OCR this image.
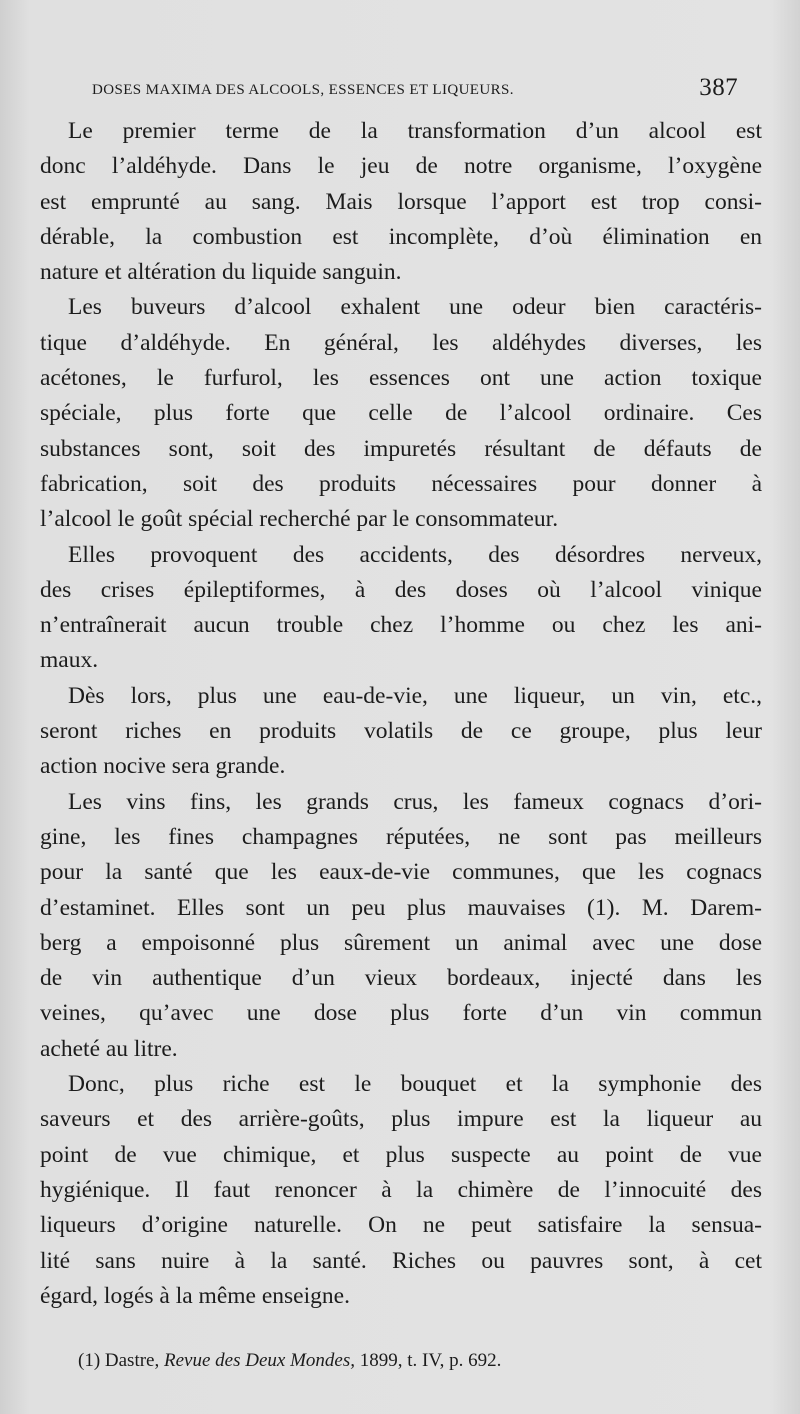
DOSES MAXIMA DES ALCOOLS, ESSENCES ET LIQUEURS.	387
Le premier terme de la transformation d’un alcool est
donc l’aldéhyde. Dans le jeu de notre organisme, l’oxygène
est emprunté au sang. Mais lorsque l’apport est trop consi-
dérable, la combustion est incomplète, d’où élimination en
nature et altération du liquide sanguin.
Les buveurs d’alcool exhalent une odeur bien caractéris-
tique d’aldéhyde. En général, les aldéhydes diverses, les
acétones, le furfurol, les essences ont une action toxique
spéciale, plus forte que celle de l’alcool ordinaire. Ces
substances sont, soit des impuretés résultant de défauts de
fabrication, soit des produits nécessaires pour donner à
l’alcool le goût spécial recherché par le consommateur.
Elles provoquent des accidents, des désordres nerveux,
des crises épileptiformes, à des doses où l’alcool vinique
n’entraînerait aucun trouble chez l’homme ou chez les ani-
maux.
Dès lors, plus une eau-de-vie, une liqueur, un vin, etc.,
seront riches en produits volatils de ce groupe, plus leur
action nocive sera grande.
Les vins fins, les grands crus, les fameux cognacs d’ori-
gine, les fines champagnes réputées, ne sont pas meilleurs
pour la santé que les eaux-de-vie communes, que les cognacs
d’estaminet. Elles sont un peu plus mauvaises (1). M. Darem-
berg a empoisonné plus sûrement un animal avec une dose
de vin authentique d’un vieux bordeaux, injecté dans les
veines, qu’avec une dose plus forte d’un vin commun
acheté au litre.
Donc, plus riche est le bouquet et la symphonie des
saveurs et des arrière-goûts, plus impure est la liqueur au
point de vue chimique, et plus suspecte au point de vue
hygiénique. Il faut renoncer à la chimère de l’innocuité des
liqueurs d’origine naturelle. On ne peut satisfaire la sensua-
lité sans nuire à la santé. Riches ou pauvres sont, à cet
égard, logés à la même enseigne.
(1) Dastre, Revue des Deux Mondes, 1899, t. IV, p. 692.
